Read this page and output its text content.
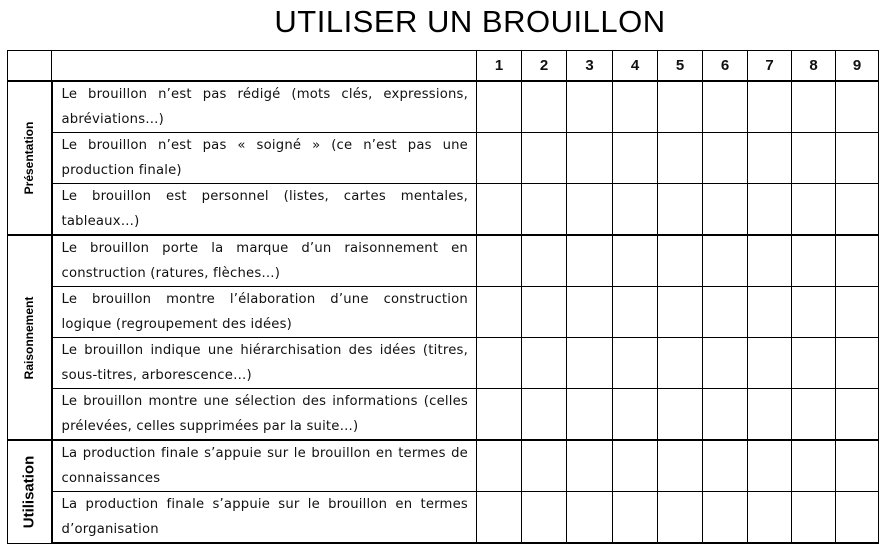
UTILISER UN BROUILLON
		1	2	3	4	5	6	7	8	9

Présentation	Le brouillon n’est pas rédigé (mots clés, expressions, abréviations…)									
	Le brouillon n’est pas « soigné » (ce n’est pas une production finale)									
	Le brouillon est personnel (listes, cartes mentales, tableaux…)									

Raisonnement	Le brouillon porte la marque d’un raisonnement en construction (ratures, flèches…)									
	Le brouillon montre l’élaboration d’une construction logique (regroupement des idées)									
	Le brouillon indique une hiérarchisation des idées (titres, sous-titres, arborescence…)									
	Le brouillon montre une sélection des informations (celles prélevées, celles supprimées par la suite…)									

Utilisation	La production finale s’appuie sur le brouillon en termes de connaissances									
	La production finale s’appuie sur le brouillon en termes d’organisation									
